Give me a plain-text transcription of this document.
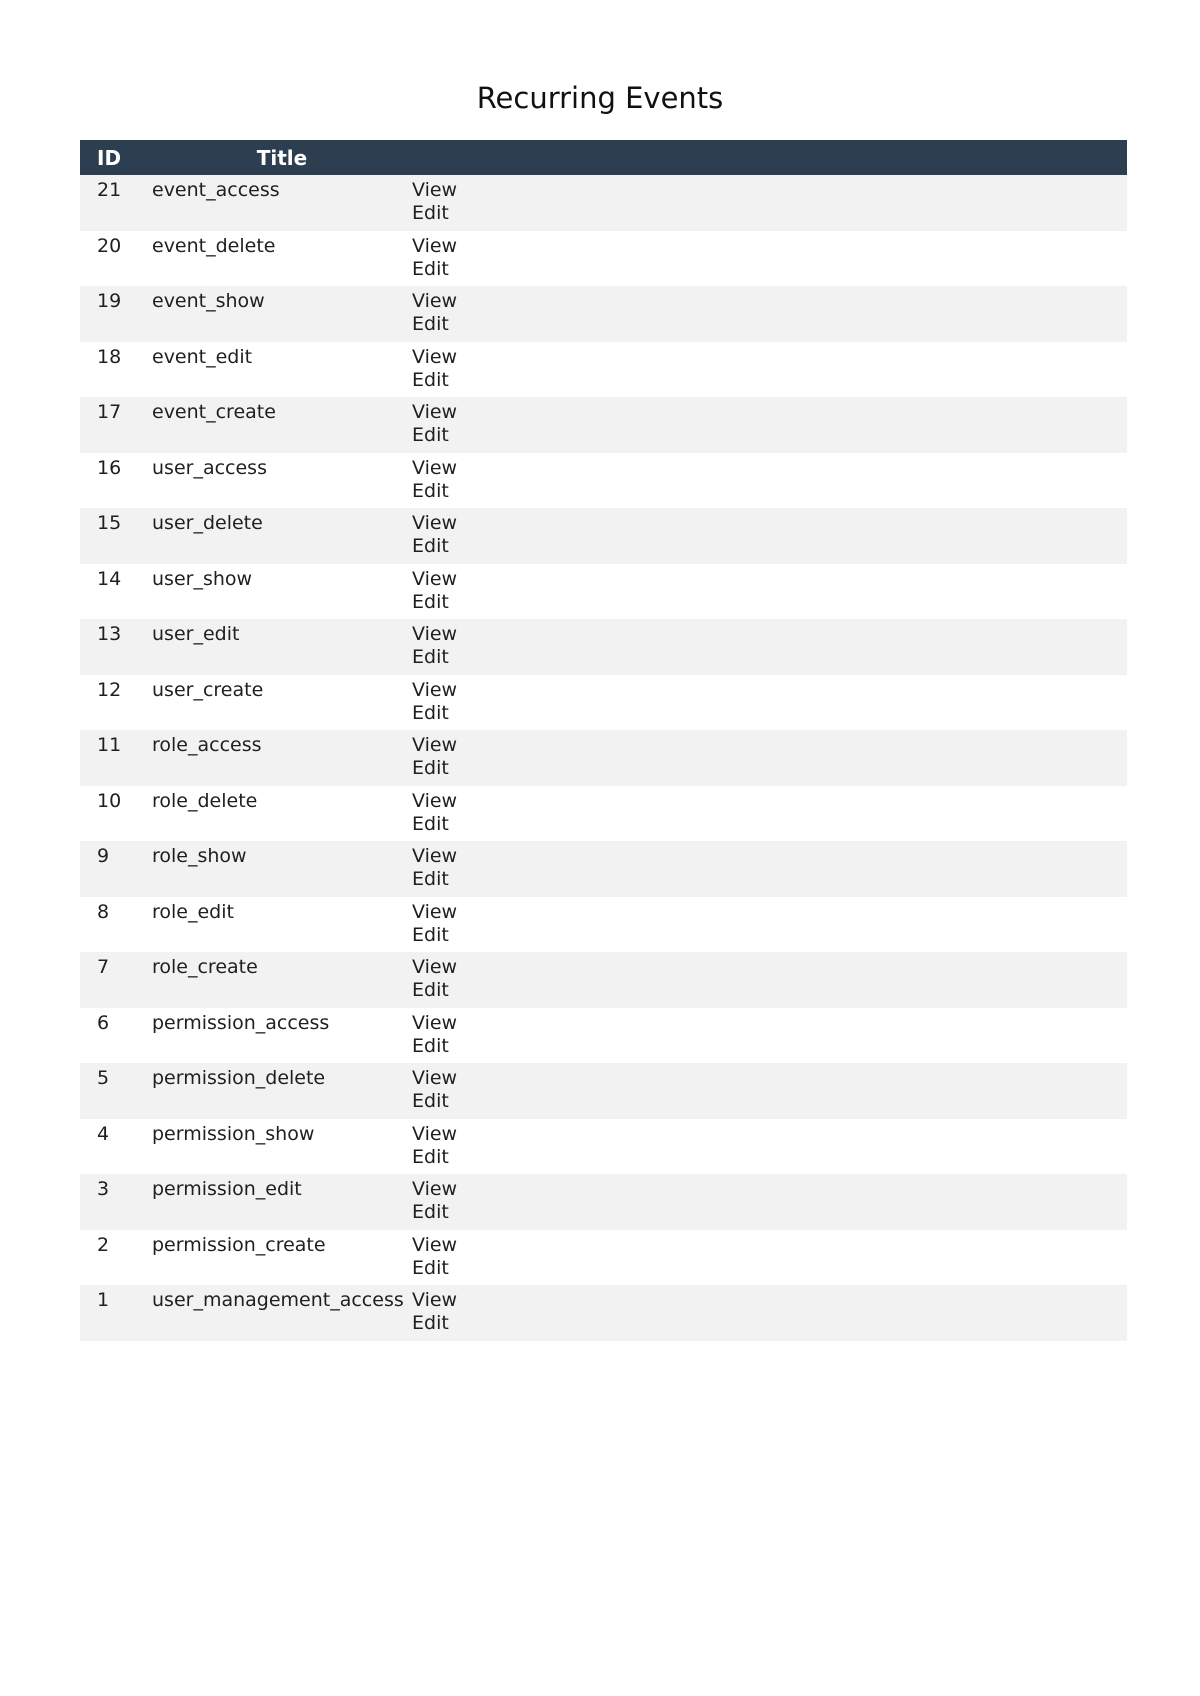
Recurring Events
ID	Title	
21	event_access	View
Edit

20	event_delete	View
Edit

19	event_show	View
Edit

18	event_edit	View
Edit

17	event_create	View
Edit

16	user_access	View
Edit

15	user_delete	View
Edit

14	user_show	View
Edit

13	user_edit	View
Edit

12	user_create	View
Edit

11	role_access	View
Edit

10	role_delete	View
Edit

9	role_show	View
Edit

8	role_edit	View
Edit

7	role_create	View
Edit

6	permission_access	View
Edit

5	permission_delete	View
Edit

4	permission_show	View
Edit

3	permission_edit	View
Edit

2	permission_create	View
Edit

1	user_management_access	View
Edit
